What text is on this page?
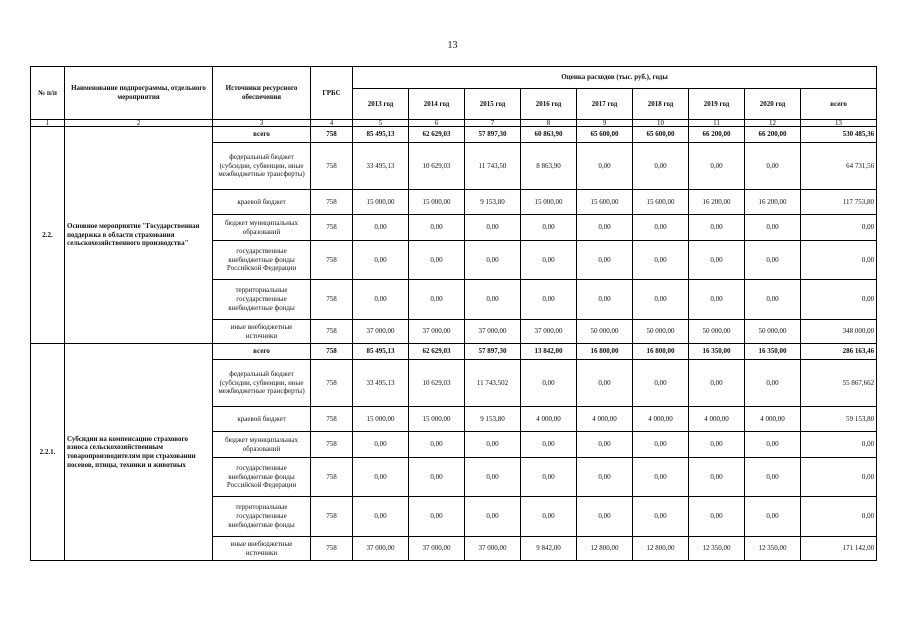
13
№ п/п	Наименование подпрограммы, отдельного мероприятия	Источники ресурсного обеспечения	ГРБС	Оценка расходов (тыс. руб.), годы								
				2013 год	2014 год	2015 год	2016 год	2017 год	2018 год	2019 год	2020 год	всего
1	2	3	4	5	6	7	8	9	10	11	12	13
2.2.	Основное мероприятие "Государственная поддержка в области страхования сельскохозяйственного производства"	всего	758	85 495,13	62 629,03	57 897,30	60 863,90	65 600,00	65 600,00	66 200,00	66 200,00	530 485,36
		федеральный бюджет (субсидии, субвенции, иные межбюджетные трансферты)	758	33 495,13	10 629,03	11 743,50	8 863,90	0,00	0,00	0,00	0,00	64 731,56
		краевой бюджет	758	15 000,00	15 000,00	9 153,80	15 000,00	15 600,00	15 600,00	16 200,00	16 200,00	117 753,80
		бюджет муниципальных образований	758	0,00	0,00	0,00	0,00	0,00	0,00	0,00	0,00	0,00
		государственные внебюджетные фонды Российской Федерации	758	0,00	0,00	0,00	0,00	0,00	0,00	0,00	0,00	0,00
		территориальные государственные внебюджетные фонды	758	0,00	0,00	0,00	0,00	0,00	0,00	0,00	0,00	0,00
		иные внебюджетные источники	758	37 000,00	37 000,00	37 000,00	37 000,00	50 000,00	50 000,00	50 000,00	50 000,00	348 000,00
2.2.1.	Субсидии на компенсацию страхового взноса сельскохозяйственным товаропроизводителям при страховании посевов, птицы, техники и животных	всего	758	85 495,13	62 629,03	57 897,30	13 842,00	16 800,00	16 800,00	16 350,00	16 350,00	286 163,46
		федеральный бюджет (субсидии, субвенции, иные межбюджетные трансферты)	758	33 495,13	10 629,03	11 743,502	0,00	0,00	0,00	0,00	0,00	55 867,662
		краевой бюджет	758	15 000,00	15 000,00	9 153,80	4 000,00	4 000,00	4 000,00	4 000,00	4 000,00	59 153,80
		бюджет муниципальных образований	758	0,00	0,00	0,00	0,00	0,00	0,00	0,00	0,00	0,00
		государственные внебюджетные фонды Российской Федерации	758	0,00	0,00	0,00	0,00	0,00	0,00	0,00	0,00	0,00
		территориальные государственные внебюджетные фонды	758	0,00	0,00	0,00	0,00	0,00	0,00	0,00	0,00	0,00
		иные внебюджетные источники	758	37 000,00	37 000,00	37 000,00	9 842,00	12 800,00	12 800,00	12 350,00	12 350,00	171 142,00
